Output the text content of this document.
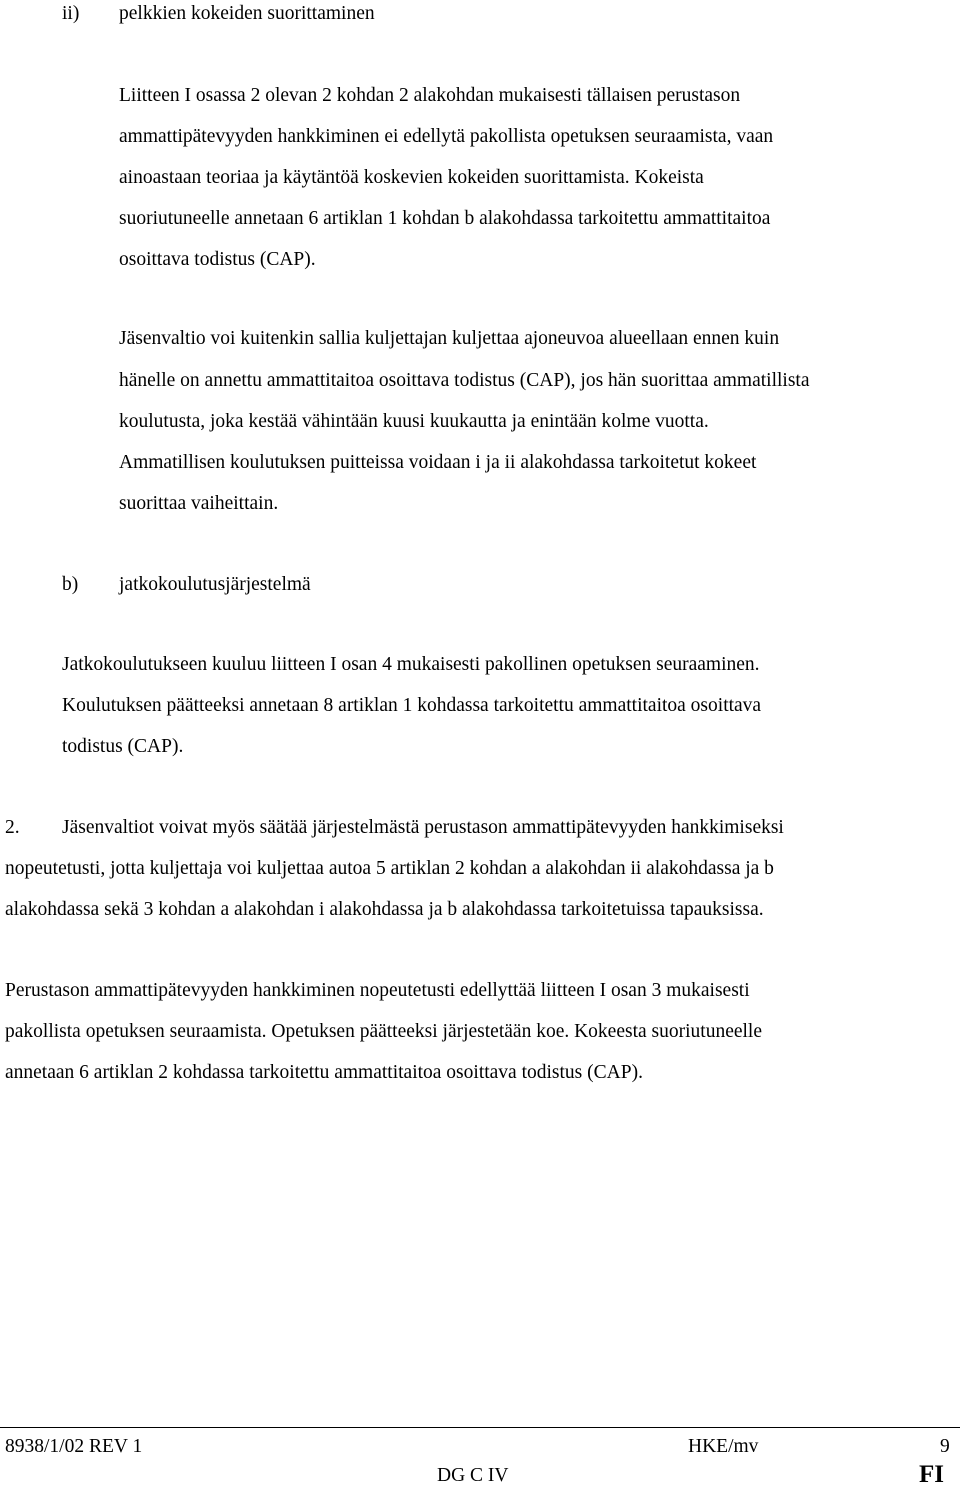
ii) pelkkien kokeiden suorittaminen

Liitteen I osassa 2 olevan 2 kohdan 2 alakohdan mukaisesti tällaisen perustason

ammattipätevyyden hankkiminen ei edellytä pakollista opetuksen seuraamista, vaan

ainoastaan teoriaa ja käytäntöä koskevien kokeiden suorittamista. Kokeista

suoriutuneelle annetaan 6 artiklan 1 kohdan b alakohdassa tarkoitettu ammattitaitoa

osoittava todistus (CAP).

Jäsenvaltio voi kuitenkin sallia kuljettajan kuljettaa ajoneuvoa alueellaan ennen kuin

hänelle on annettu ammattitaitoa osoittava todistus (CAP), jos hän suorittaa ammatillista

koulutusta, joka kestää vähintään kuusi kuukautta ja enintään kolme vuotta.

Ammatillisen koulutuksen puitteissa voidaan i ja ii alakohdassa tarkoitetut kokeet

suorittaa vaiheittain.

b) jatkokoulutusjärjestelmä

Jatkokoulutukseen kuuluu liitteen I osan 4 mukaisesti pakollinen opetuksen seuraaminen.

Koulutuksen päätteeksi annetaan 8 artiklan 1 kohdassa tarkoitettu ammattitaitoa osoittava

todistus (CAP).

2. Jäsenvaltiot voivat myös säätää järjestelmästä perustason ammattipätevyyden hankkimiseksi

nopeutetusti, jotta kuljettaja voi kuljettaa autoa 5 artiklan 2 kohdan a alakohdan ii alakohdassa ja b

alakohdassa sekä 3 kohdan a alakohdan i alakohdassa ja b alakohdassa tarkoitetuissa tapauksissa.

Perustason ammattipätevyyden hankkiminen nopeutetusti edellyttää liitteen I osan 3 mukaisesti

pakollista opetuksen seuraamista. Opetuksen päätteeksi järjestetään koe. Kokeesta suoriutuneelle

annetaan 6 artiklan 2 kohdassa tarkoitettu ammattitaitoa osoittava todistus (CAP).

8938/1/02 REV 1	HKE/mv	9
DG C IV	FI
